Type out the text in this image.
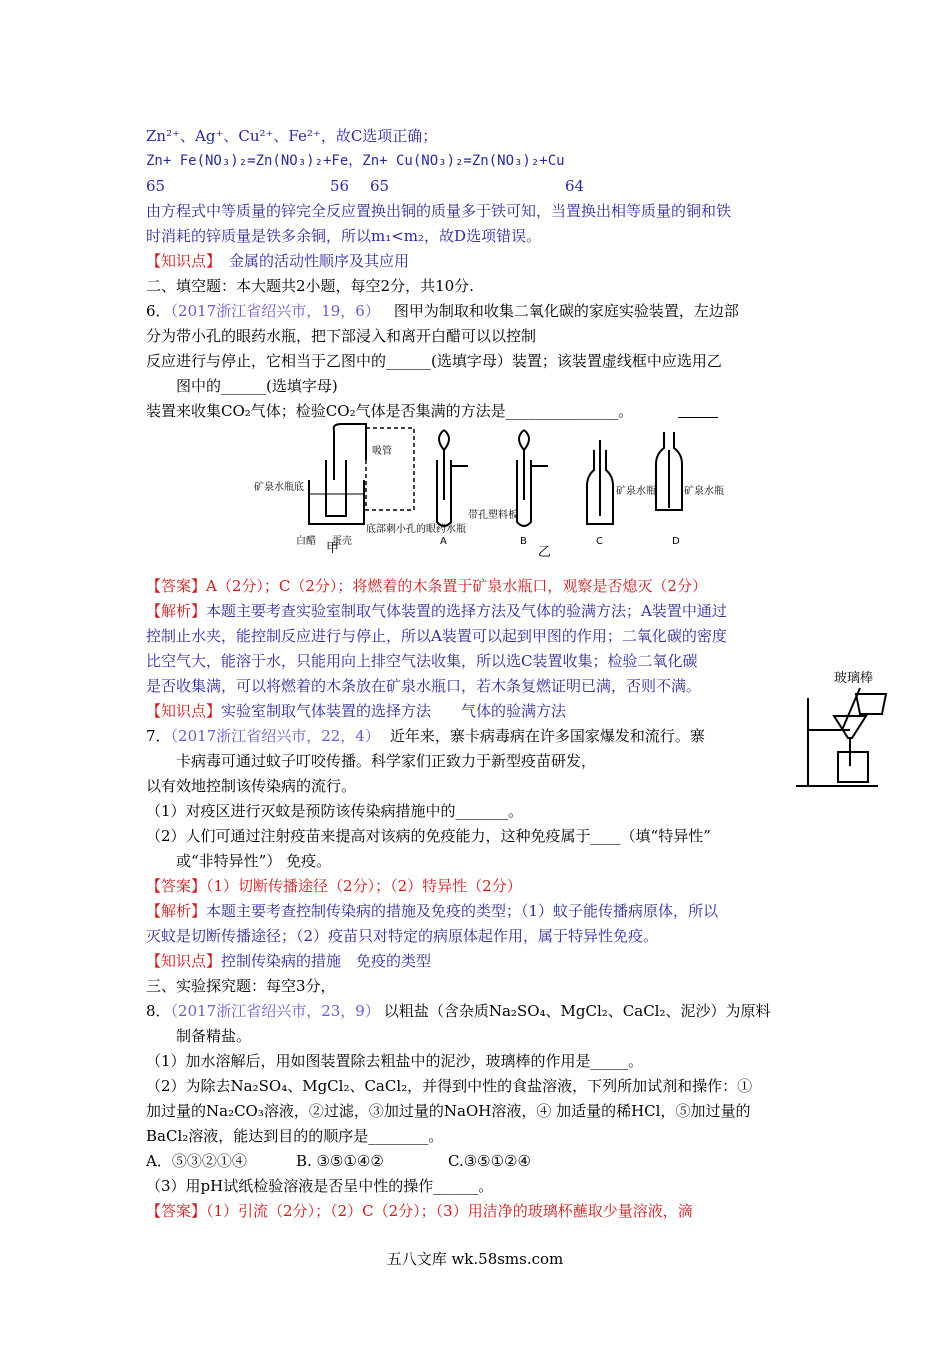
Zn²⁺、Ag⁺、Cu²⁺、Fe²⁺，故C选项正确；
Zn+ Fe(NO₃)₂=Zn(NO₃)₂+Fe，Zn+ Cu(NO₃)₂=Zn(NO₃)₂+Cu
65	56 65	64
由方程式中等质量的锌完全反应置换出铜的质量多于铁可知，当置换出相等质量的铜和铁
时消耗的锌质量是铁多余铜，所以m₁<m₂，故D选项错误。
【知识点】 金属的活动性顺序及其应用
二、填空题：本大题共2小题，每空2分，共10分.
6．（2017浙江省绍兴市，19，6） 图甲为制取和收集二氧化碳的家庭实验装置，左边部
分为带小孔的眼药水瓶，把下部浸入和离开白醋可以以控制
反应进行与停止，它相当于乙图中的______(选填字母）装置；该装置虚线框中应选用乙
图中的______(选填字母)
装置来收集CO₂气体；检验CO₂气体是否集满的方法是_______________。
吸管
矿泉水瓶底
白醋 蛋壳
底部刺小孔的眼药水瓶
带孔塑料板
A	B	C	D
矿泉水瓶	矿泉水瓶
甲	乙
【答案】A（2分）；C（2分）；将燃着的木条置于矿泉水瓶口，观察是否熄灭（2分）
【解析】本题主要考查实验室制取气体装置的选择方法及气体的验满方法；A装置中通过
控制止水夹，能控制反应进行与停止，所以A装置可以起到甲图的作用；二氧化碳的密度
比空气大，能溶于水，只能用向上排空气法收集，所以选C装置收集；检验二氧化碳
是否收集满，可以将燃着的木条放在矿泉水瓶口，若木条复燃证明已满，否则不满。
【知识点】实验室制取气体装置的选择方法　　气体的验满方法
玻璃棒
7．（2017浙江省绍兴市，22，4） 近年来，寨卡病毒病在许多国家爆发和流行。寨
卡病毒可通过蚊子叮咬传播。科学家们正致力于新型疫苗研发，
以有效地控制该传染病的流行。
（1）对疫区进行灭蚊是预防该传染病措施中的_______。
（2）人们可通过注射疫苗来提高对该病的免疫能力，这种免疫属于____（填“特异性”
或“非特异性”） 免疫。
【答案】（1）切断传播途径（2分）；（2）特异性（2分）
【解析】本题主要考查控制传染病的措施及免疫的类型；（1）蚊子能传播病原体，所以
灭蚊是切断传播途径；（2）疫苗只对特定的病原体起作用，属于特异性免疫。
【知识点】控制传染病的措施　免疫的类型
三、实验探究题：每空3分，
8．（2017浙江省绍兴市，23，9） 以粗盐（含杂质Na₂SO₄、MgCl₂、CaCl₂、泥沙）为原料
制备精盐。
（1）加水溶解后，用如图装置除去粗盐中的泥沙，玻璃棒的作用是_____。
（2）为除去Na₂SO₄、MgCl₂、CaCl₂，并得到中性的食盐溶液，下列所加试剂和操作：①
加过量的Na₂CO₃溶液，②过滤，③加过量的NaOH溶液，④ 加适量的稀HCl，⑤加过量的
BaCl₂溶液，能达到目的的顺序是________。
A．⑤③②①④	B. ③⑤①④②	C.③⑤①②④
（3）用pH试纸检验溶液是否呈中性的操作______。
【答案】（1）引流（2分）；（2）C（2分）；（3）用洁净的玻璃杯蘸取少量溶液，滴
五八文库 wk.58sms.com
